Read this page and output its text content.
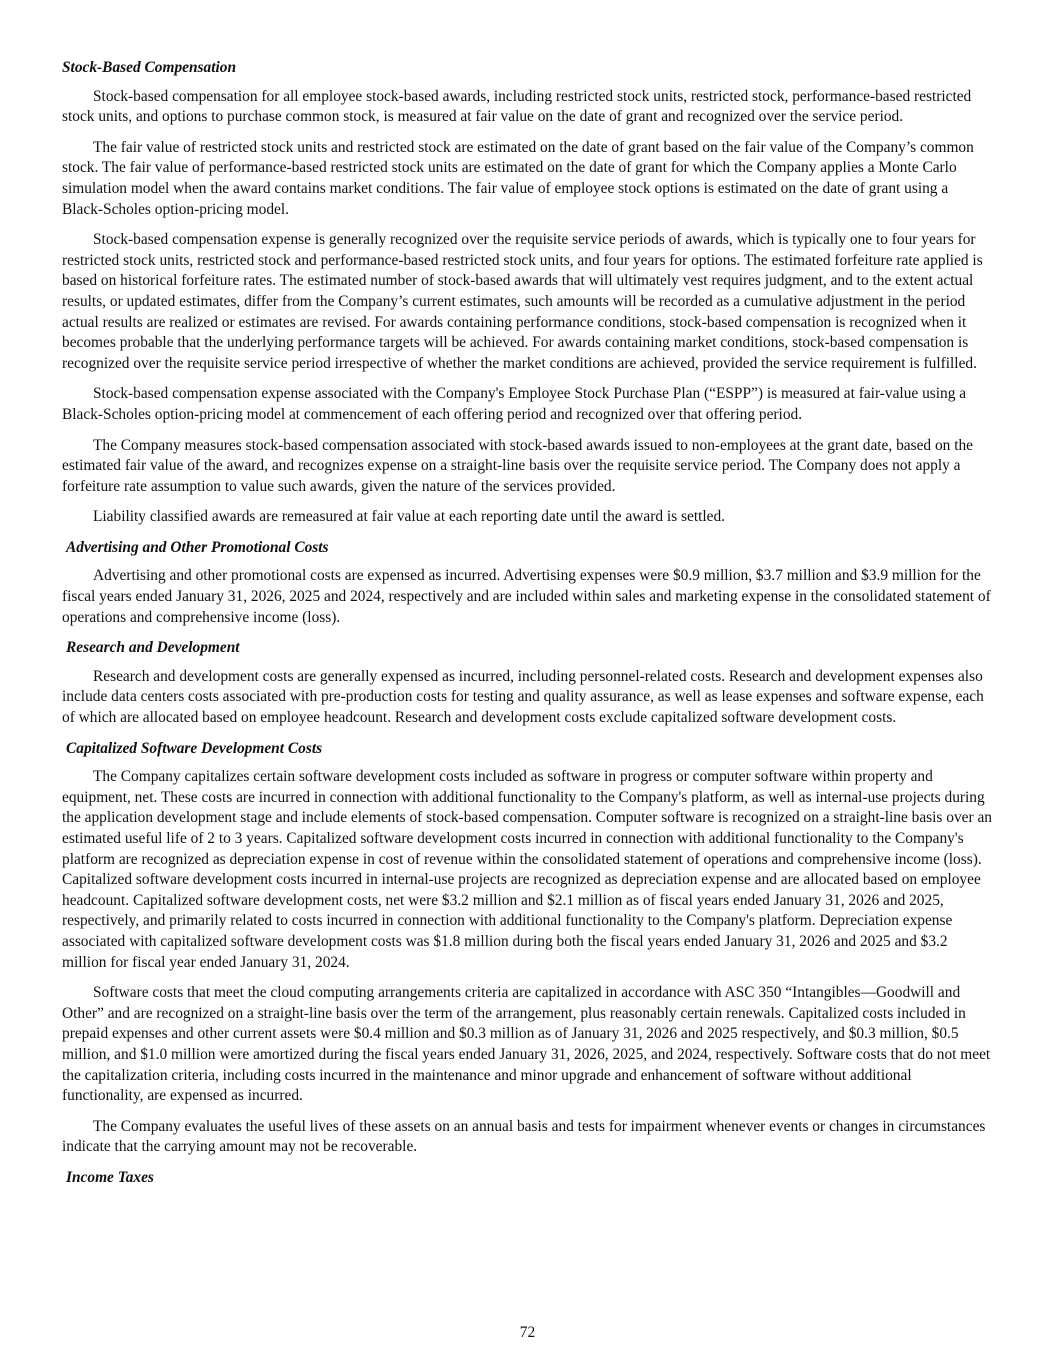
Stock-Based Compensation

Stock-based compensation for all employee stock-based awards, including restricted stock units, restricted stock, performance-based restricted stock units, and options to purchase common stock, is measured at fair value on the date of grant and recognized over the service period.

The fair value of restricted stock units and restricted stock are estimated on the date of grant based on the fair value of the Company’s common stock. The fair value of performance-based restricted stock units are estimated on the date of grant for which the Company applies a Monte Carlo simulation model when the award contains market conditions. The fair value of employee stock options is estimated on the date of grant using a Black-Scholes option-pricing model.

Stock-based compensation expense is generally recognized over the requisite service periods of awards, which is typically one to four years for restricted stock units, restricted stock and performance-based restricted stock units, and four years for options. The estimated forfeiture rate applied is based on historical forfeiture rates. The estimated number of stock-based awards that will ultimately vest requires judgment, and to the extent actual results, or updated estimates, differ from the Company’s current estimates, such amounts will be recorded as a cumulative adjustment in the period actual results are realized or estimates are revised. For awards containing performance conditions, stock-based compensation is recognized when it becomes probable that the underlying performance targets will be achieved. For awards containing market conditions, stock-based compensation is recognized over the requisite service period irrespective of whether the market conditions are achieved, provided the service requirement is fulfilled.

Stock-based compensation expense associated with the Company's Employee Stock Purchase Plan (“ESPP”) is measured at fair-value using a Black-Scholes option-pricing model at commencement of each offering period and recognized over that offering period.

The Company measures stock-based compensation associated with stock-based awards issued to non-employees at the grant date, based on the estimated fair value of the award, and recognizes expense on a straight-line basis over the requisite service period. The Company does not apply a forfeiture rate assumption to value such awards, given the nature of the services provided.

Liability classified awards are remeasured at fair value at each reporting date until the award is settled.

Advertising and Other Promotional Costs

Advertising and other promotional costs are expensed as incurred. Advertising expenses were $0.9 million, $3.7 million and $3.9 million for the fiscal years ended January 31, 2026, 2025 and 2024, respectively and are included within sales and marketing expense in the consolidated statement of operations and comprehensive income (loss).

Research and Development

Research and development costs are generally expensed as incurred, including personnel-related costs. Research and development expenses also include data centers costs associated with pre-production costs for testing and quality assurance, as well as lease expenses and software expense, each of which are allocated based on employee headcount. Research and development costs exclude capitalized software development costs.

Capitalized Software Development Costs

The Company capitalizes certain software development costs included as software in progress or computer software within property and equipment, net. These costs are incurred in connection with additional functionality to the Company's platform, as well as internal-use projects during the application development stage and include elements of stock-based compensation. Computer software is recognized on a straight-line basis over an estimated useful life of 2 to 3 years. Capitalized software development costs incurred in connection with additional functionality to the Company's platform are recognized as depreciation expense in cost of revenue within the consolidated statement of operations and comprehensive income (loss). Capitalized software development costs incurred in internal-use projects are recognized as depreciation expense and are allocated based on employee headcount. Capitalized software development costs, net were $3.2 million and $2.1 million as of fiscal years ended January 31, 2026 and 2025, respectively, and primarily related to costs incurred in connection with additional functionality to the Company's platform. Depreciation expense associated with capitalized software development costs was $1.8 million during both the fiscal years ended January 31, 2026 and 2025 and $3.2 million for fiscal year ended January 31, 2024.

Software costs that meet the cloud computing arrangements criteria are capitalized in accordance with ASC 350 “Intangibles—Goodwill and Other” and are recognized on a straight-line basis over the term of the arrangement, plus reasonably certain renewals. Capitalized costs included in prepaid expenses and other current assets were $0.4 million and $0.3 million as of January 31, 2026 and 2025 respectively, and $0.3 million, $0.5 million, and $1.0 million were amortized during the fiscal years ended January 31, 2026, 2025, and 2024, respectively. Software costs that do not meet the capitalization criteria, including costs incurred in the maintenance and minor upgrade and enhancement of software without additional functionality, are expensed as incurred.

The Company evaluates the useful lives of these assets on an annual basis and tests for impairment whenever events or changes in circumstances indicate that the carrying amount may not be recoverable.

Income Taxes
72
